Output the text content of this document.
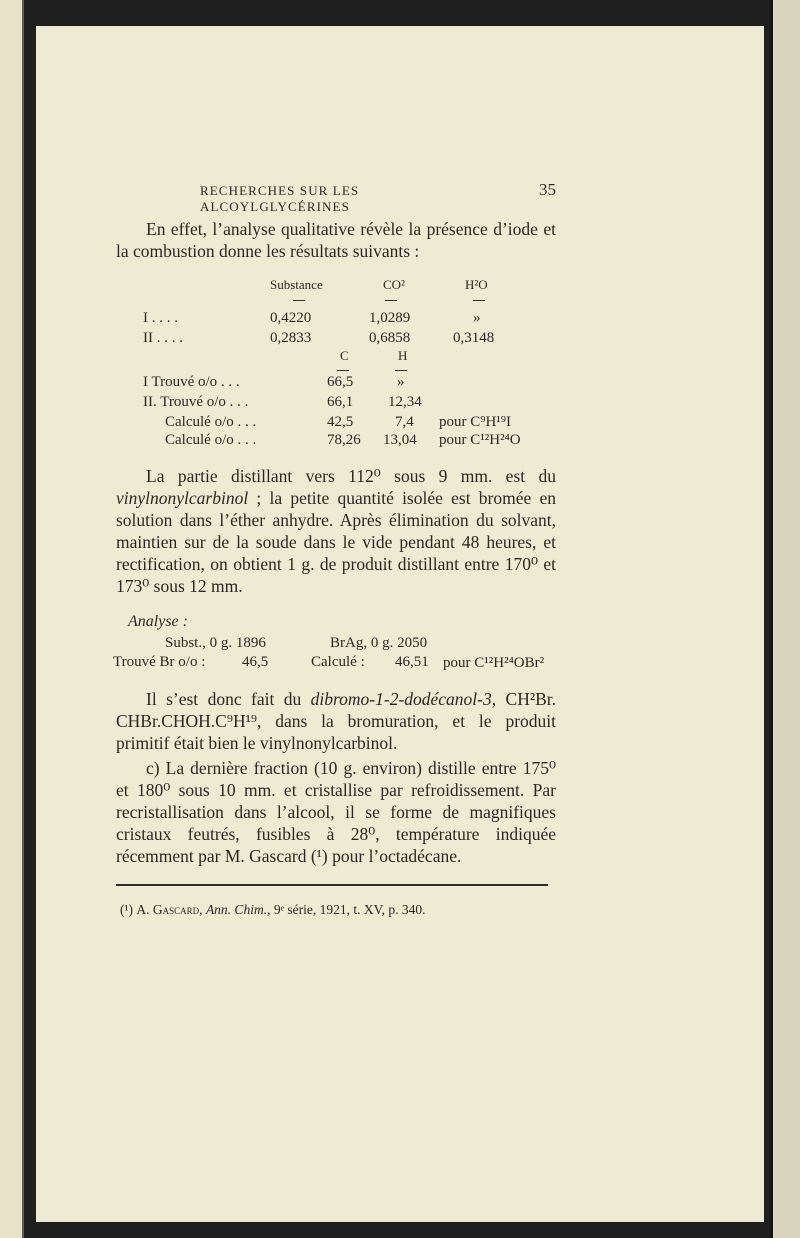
RECHERCHES SUR LES ALCOYLGLYCÉRINES
35
En effet, l’analyse qualitative révèle la présence d’iode et la combustion donne les résultats suivants :
Substance	CO²	H²O
I . . . .	0,4220	1,0289	»
II . . . .	0,2833	0,6858	0,3148
C	H
I Trouvé o/o . . .	66,5	»
II. Trouvé o/o . . .	66,1 12,34
Calculé o/o . . .	42,5	7,4 pour C⁹H¹⁹I
Calculé o/o . . .	78,26 13,04 pour C¹²H²⁴O
La partie distillant vers 112⁰ sous 9 mm. est du vinylnonylcarbinol ; la petite quantité isolée est bromée en solution dans l’éther anhydre. Après élimination du solvant, maintien sur de la soude dans le vide pendant 48 heures, et rectification, on obtient 1 g. de produit distillant entre 170⁰ et 173⁰ sous 12 mm.
Analyse :
Subst., 0 g. 1896	BrAg, 0 g. 2050
Trouvé Br o/o : 46,5	Calculé : 46,51 pour C¹²H²⁴OBr²
Il s’est donc fait du dibromo-1-2-dodécanol-3, CH²Br. CHBr.CHOH.C⁹H¹⁹, dans la bromuration, et le produit primitif était bien le vinylnonylcarbinol.
c) La dernière fraction (10 g. environ) distille entre 175⁰ et 180⁰ sous 10 mm. et cristallise par refroidissement. Par recristallisation dans l’alcool, il se forme de magnifiques cristaux feutrés, fusibles à 28⁰, température indiquée récemment par M. Gascard (¹) pour l’octadécane.
(¹) A. Gascard, Ann. Chim., 9ᵉ série, 1921, t. XV, p. 340.
